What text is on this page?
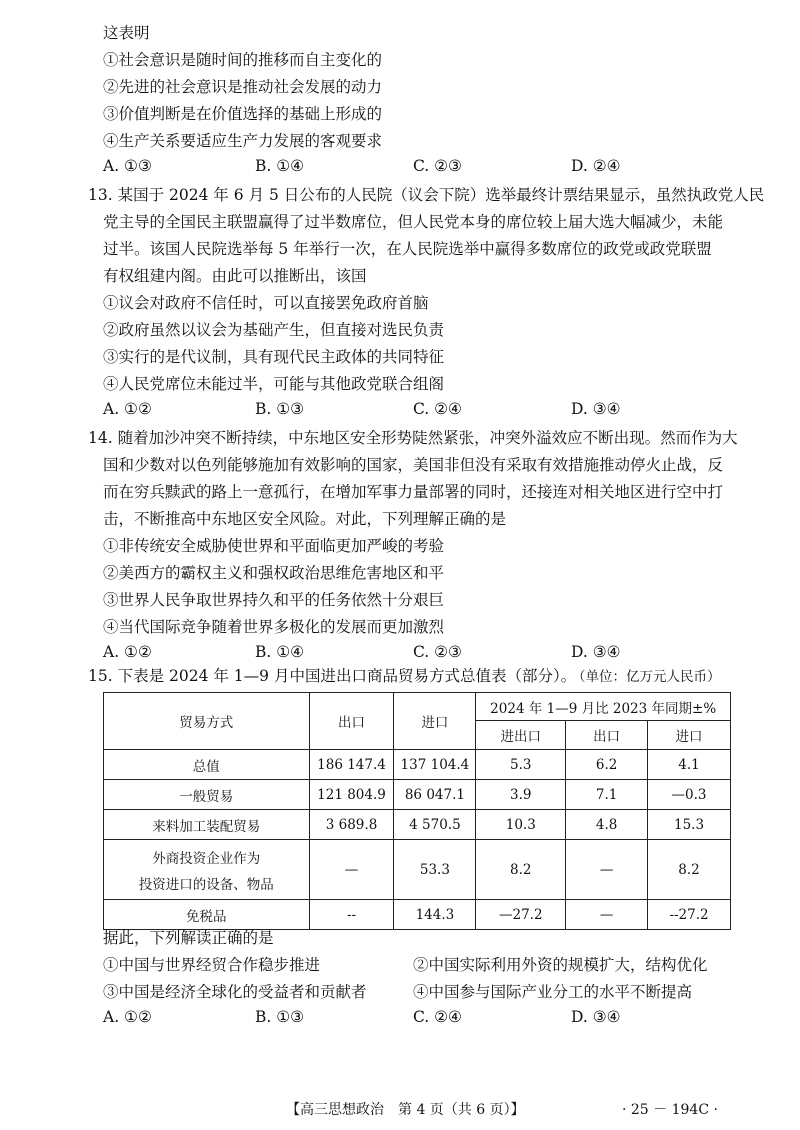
这表明
①社会意识是随时间的推移而自主变化的
②先进的社会意识是推动社会发展的动力
③价值判断是在价值选择的基础上形成的
④生产关系要适应生产力发展的客观要求
A. ①③	B. ①④	C. ②③	D. ②④
13. 某国于 2024 年 6 月 5 日公布的人民院（议会下院）选举最终计票结果显示，虽然执政党人民
党主导的全国民主联盟赢得了过半数席位，但人民党本身的席位较上届大选大幅减少，未能
过半。该国人民院选举每 5 年举行一次，在人民院选举中赢得多数席位的政党或政党联盟
有权组建内阁。由此可以推断出，该国
①议会对政府不信任时，可以直接罢免政府首脑
②政府虽然以议会为基础产生，但直接对选民负责
③实行的是代议制，具有现代民主政体的共同特征
④人民党席位未能过半，可能与其他政党联合组阁
A. ①②	B. ①③	C. ②④	D. ③④
14. 随着加沙冲突不断持续，中东地区安全形势陡然紧张，冲突外溢效应不断出现。然而作为大
国和少数对以色列能够施加有效影响的国家，美国非但没有采取有效措施推动停火止战，反
而在穷兵黩武的路上一意孤行，在增加军事力量部署的同时，还接连对相关地区进行空中打
击，不断推高中东地区安全风险。对此，下列理解正确的是
①非传统安全威胁使世界和平面临更加严峻的考验
②美西方的霸权主义和强权政治思维危害地区和平
③世界人民争取世界持久和平的任务依然十分艰巨
④当代国际竞争随着世界多极化的发展而更加激烈
A. ①②	B. ①④	C. ②③	D. ③④
15. 下表是 2024 年 1—9 月中国进出口商品贸易方式总值表（部分）。
（单位：亿万元人民币）
贸易方式	出口	进口	2024 年 1—9 月比 2023 年同期±%		
			进出口	出口	进口
总值	186 147.4	137 104.4	5.3	6.2	4.1
一般贸易	121 804.9	86 047.1	3.9	7.1	—0.3
来料加工装配贸易	3 689.8	4 570.5	10.3	4.8	15.3

外商投资企业作为
投资进口的设备、物品	—	53.3	8.2	—	8.2
免税品	--	144.3	—27.2	—	--27.2
据此，下列解读正确的是
①中国与世界经贸合作稳步推进	②中国实际利用外资的规模扩大，结构优化
③中国是经济全球化的受益者和贡献者	④中国参与国际产业分工的水平不断提高
A. ①②	B. ①③	C. ②④	D. ③④
【高三思想政治　第 4 页（共 6 页）】	· 25 － 194C ·
